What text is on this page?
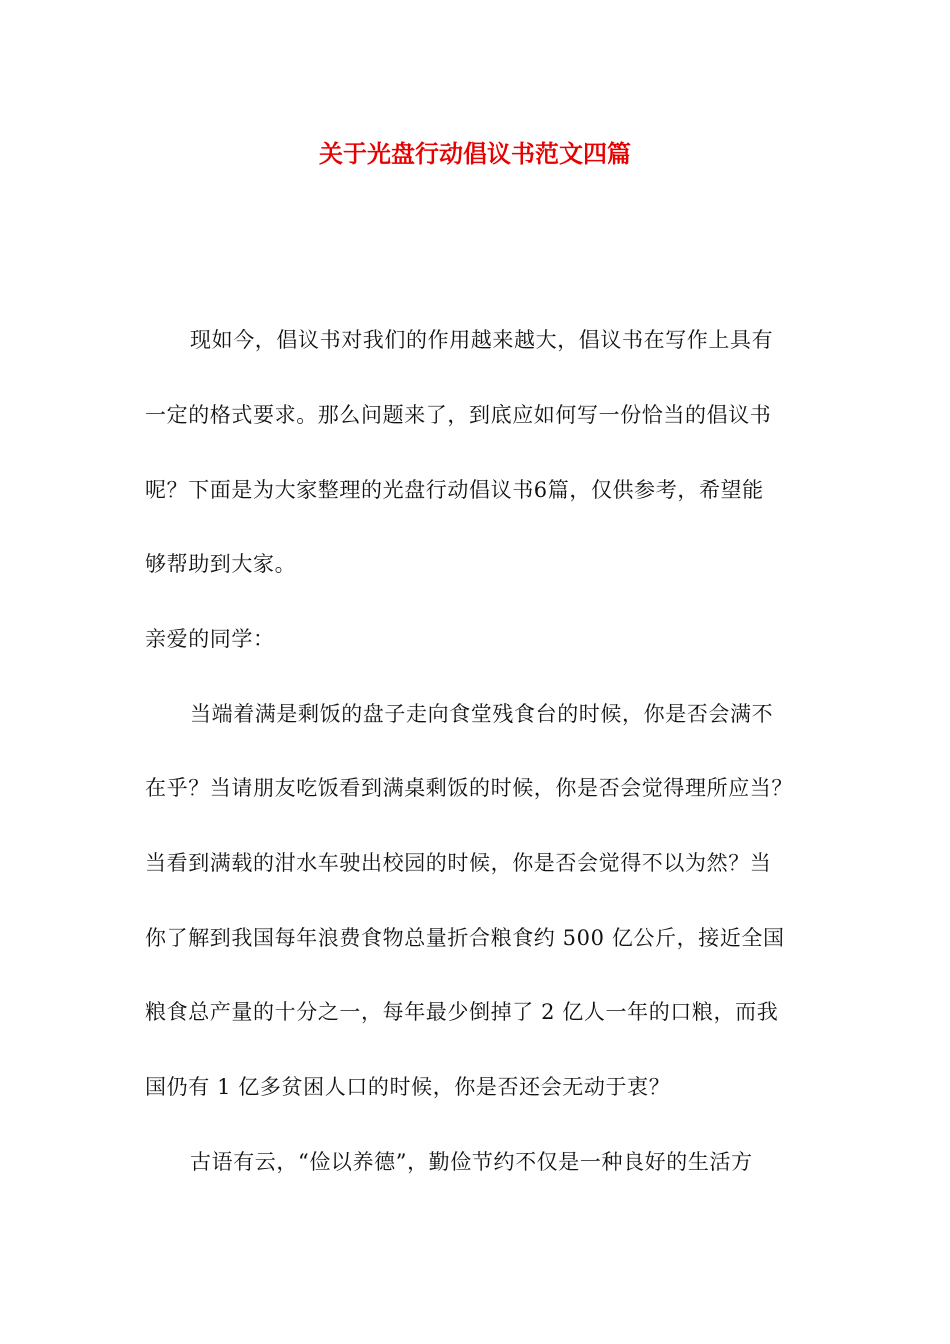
关于光盘行动倡议书范文四篇
现如今，倡议书对我们的作用越来越大，倡议书在写作上具有
一定的格式要求。那么问题来了，到底应如何写一份恰当的倡议书
呢？下面是为大家整理的光盘行动倡议书6篇，仅供参考，希望能
够帮助到大家。
亲爱的同学：
当端着满是剩饭的盘子走向食堂残食台的时候，你是否会满不
在乎？当请朋友吃饭看到满桌剩饭的时候，你是否会觉得理所应当？
当看到满载的泔水车驶出校园的时候，你是否会觉得不以为然？当
你了解到我国每年浪费食物总量折合粮食约 500 亿公斤，接近全国
粮食总产量的十分之一，每年最少倒掉了 2 亿人一年的口粮，而我
国仍有 1 亿多贫困人口的时候，你是否还会无动于衷？
古语有云，“俭以养德”，勤俭节约不仅是一种良好的生活方
